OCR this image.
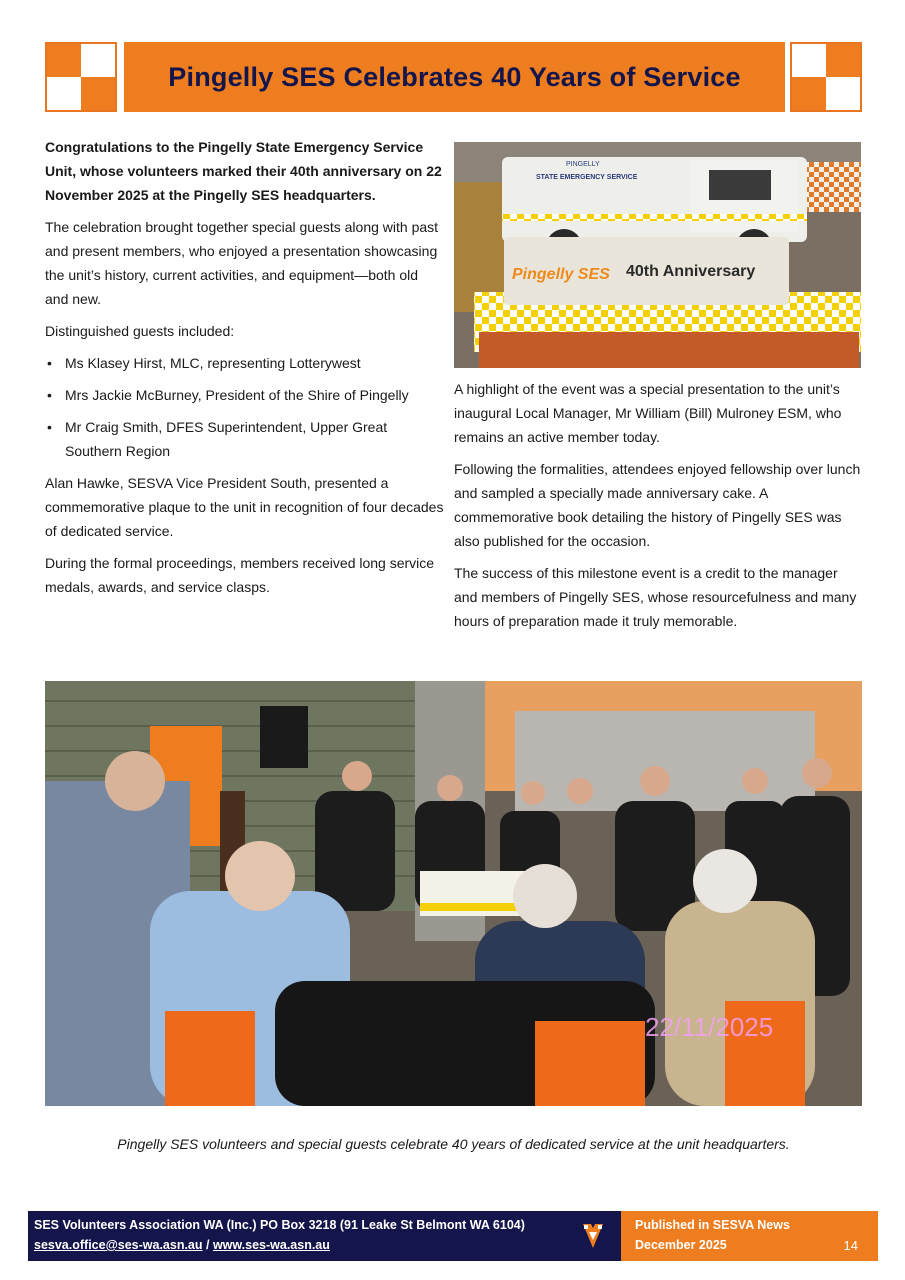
Pingelly SES Celebrates 40 Years of Service

Congratulations to the Pingelly State Emergency Service Unit, whose volunteers marked their 40th anniversary on 22 November 2025 at the Pingelly SES headquarters.

The celebration brought together special guests along with past and present members, who enjoyed a presentation showcasing the unit’s history, current activities, and equipment—both old and new.

Distinguished guests included:

• Ms Klasey Hirst, MLC, representing Lotterywest
• Mrs Jackie McBurney, President of the Shire of Pingelly
• Mr Craig Smith, DFES Superintendent, Upper Great Southern Region

Alan Hawke, SESVA Vice President South, presented a commemorative plaque to the unit in recognition of four decades of dedicated service.

During the formal proceedings, members received long service medals, awards, and service clasps.

PINGELLY
STATE EMERGENCY SERVICE
Pingelly SES 40th Anniversary

A highlight of the event was a special presentation to the unit’s inaugural Local Manager, Mr William (Bill) Mulroney ESM, who remains an active member today.

Following the formalities, attendees enjoyed fellowship over lunch and sampled a specially made anniversary cake. A commemorative book detailing the history of Pingelly SES was also published for the occasion.

The success of this milestone event is a credit to the manager and members of Pingelly SES, whose resourcefulness and many hours of preparation made it truly memorable.

22/11/2025

Pingelly SES volunteers and special guests celebrate 40 years of dedicated service at the unit headquarters.

SES Volunteers Association WA (Inc.) PO Box 3218 (91 Leake St Belmont WA 6104)
sesva.office@ses-wa.asn.au / www.ses-wa.asn.au
Published in SESVA News
December 2025	14
